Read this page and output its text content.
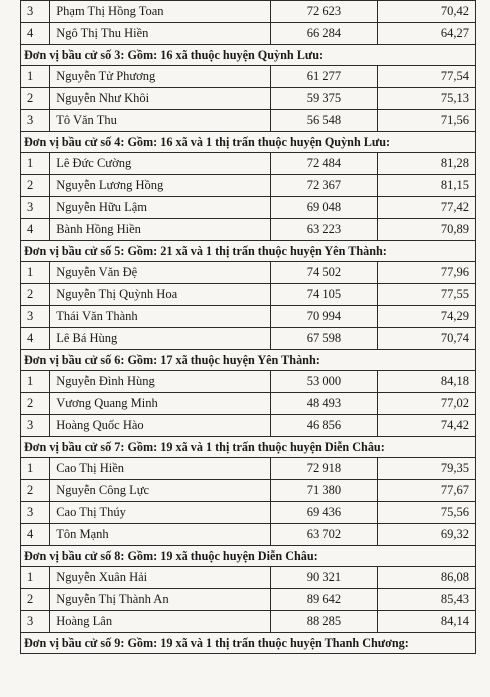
3	Phạm Thị Hồng Toan	72 623	70,42
4	Ngô Thị Thu Hiền	66 284	64,27
Đơn vị bầu cử số 3: Gồm: 16 xã thuộc huyện Quỳnh Lưu:			
1	Nguyễn Tử Phương	61 277	77,54
2	Nguyễn Như Khôi	59 375	75,13
3	Tô Văn Thu	56 548	71,56
Đơn vị bầu cử số 4: Gồm: 16 xã và 1 thị trấn thuộc huyện Quỳnh Lưu:			
1	Lê Đức Cường	72 484	81,28
2	Nguyễn Lương Hồng	72 367	81,15
3	Nguyễn Hữu Lậm	69 048	77,42
4	Bành Hồng Hiền	63 223	70,89
Đơn vị bầu cử số 5: Gồm: 21 xã và 1 thị trấn thuộc huyện Yên Thành:			
1	Nguyễn Văn Đệ	74 502	77,96
2	Nguyễn Thị Quỳnh Hoa	74 105	77,55
3	Thái Văn Thành	70 994	74,29
4	Lê Bá Hùng	67 598	70,74
Đơn vị bầu cử số 6: Gồm: 17 xã thuộc huyện Yên Thành:			
1	Nguyễn Đình Hùng	53 000	84,18
2	Vương Quang Minh	48 493	77,02
3	Hoàng Quốc Hào	46 856	74,42
Đơn vị bầu cử số 7: Gồm: 19 xã và 1 thị trấn thuộc huyện Diễn Châu:			
1	Cao Thị Hiền	72 918	79,35
2	Nguyễn Công Lực	71 380	77,67
3	Cao Thị Thúy	69 436	75,56
4	Tôn Mạnh	63 702	69,32
Đơn vị bầu cử số 8: Gồm: 19 xã thuộc huyện Diễn Châu:			
1	Nguyễn Xuân Hải	90 321	86,08
2	Nguyễn Thị Thành An	89 642	85,43
3	Hoàng Lân	88 285	84,14
Đơn vị bầu cử số 9: Gồm: 19 xã và 1 thị trấn thuộc huyện Thanh Chương:			
